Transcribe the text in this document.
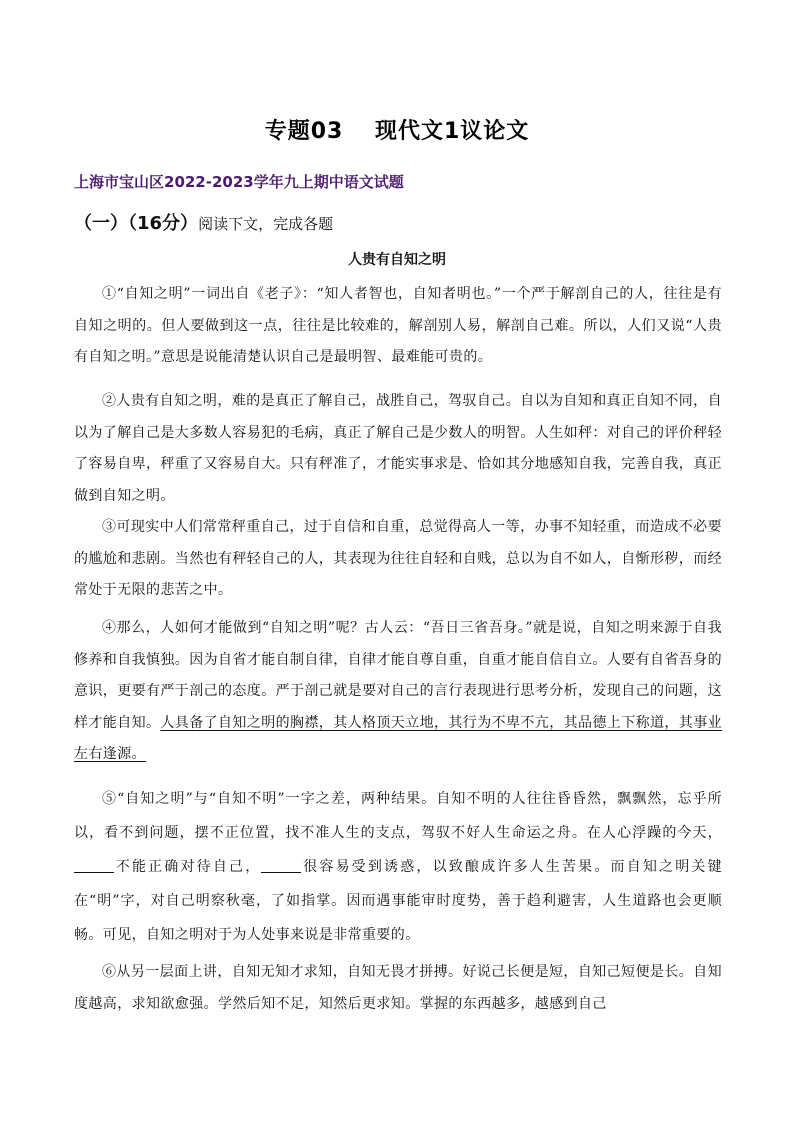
专题03　 现代文1议论文
上海市宝山区2022-2023学年九上期中语文试题
（一）（16分）阅读下文，完成各题
人贵有自知之明

①“自知之明”一词出自《老子》：“知人者智也，自知者明也。”一个严于解剖自己的人，往往是有自知之明的。但人要做到这一点，往往是比较难的，解剖别人易，解剖自己难。所以，人们又说“人贵有自知之明。”意思是说能清楚认识自己是最明智、最难能可贵的。

②人贵有自知之明，难的是真正了解自己，战胜自己，驾驭自己。自以为自知和真正自知不同，自以为了解自己是大多数人容易犯的毛病，真正了解自己是少数人的明智。人生如秤：对自己的评价秤轻了容易自卑，秤重了又容易自大。只有秤准了，才能实事求是、恰如其分地感知自我，完善自我，真正做到自知之明。

③可现实中人们常常秤重自己，过于自信和自重，总觉得高人一等，办事不知轻重，而造成不必要的尴尬和悲剧。当然也有秤轻自己的人，其表现为往往自轻和自贱，总以为自不如人，自惭形秽，而经常处于无限的悲苦之中。

④那么，人如何才能做到“自知之明”呢？古人云：“吾日三省吾身。”就是说，自知之明来源于自我修养和自我慎独。因为自省才能自制自律，自律才能自尊自重，自重才能自信自立。人要有自省吾身的意识，更要有严于剖己的态度。严于剖己就是要对自己的言行表现进行思考分析，发现自己的问题，这样才能自知。人具备了自知之明的胸襟，其人格顶天立地，其行为不卑不亢，其品德上下称道，其事业左右逢源。

⑤“自知之明”与“自知不明”一字之差，两种结果。自知不明的人往往昏昏然，飘飘然，忘乎所以，看不到问题，摆不正位置，找不准人生的支点，驾驭不好人生命运之舟。在人心浮躁的今天，不能正确对待自己，	很容易受到诱惑，以致酿成许多人生苦果。而自知之明关键在“明”字，对自己明察秋毫，了如指掌。因而遇事能审时度势，善于趋利避害，人生道路也会更顺畅。可见，自知之明对于为人处事来说是非常重要的。

⑥从另一层面上讲，自知无知才求知，自知无畏才拼搏。好说己长便是短，自知己短便是长。自知度越高，求知欲愈强。学然后知不足，知然后更求知。掌握的东西越多，越感到自己
